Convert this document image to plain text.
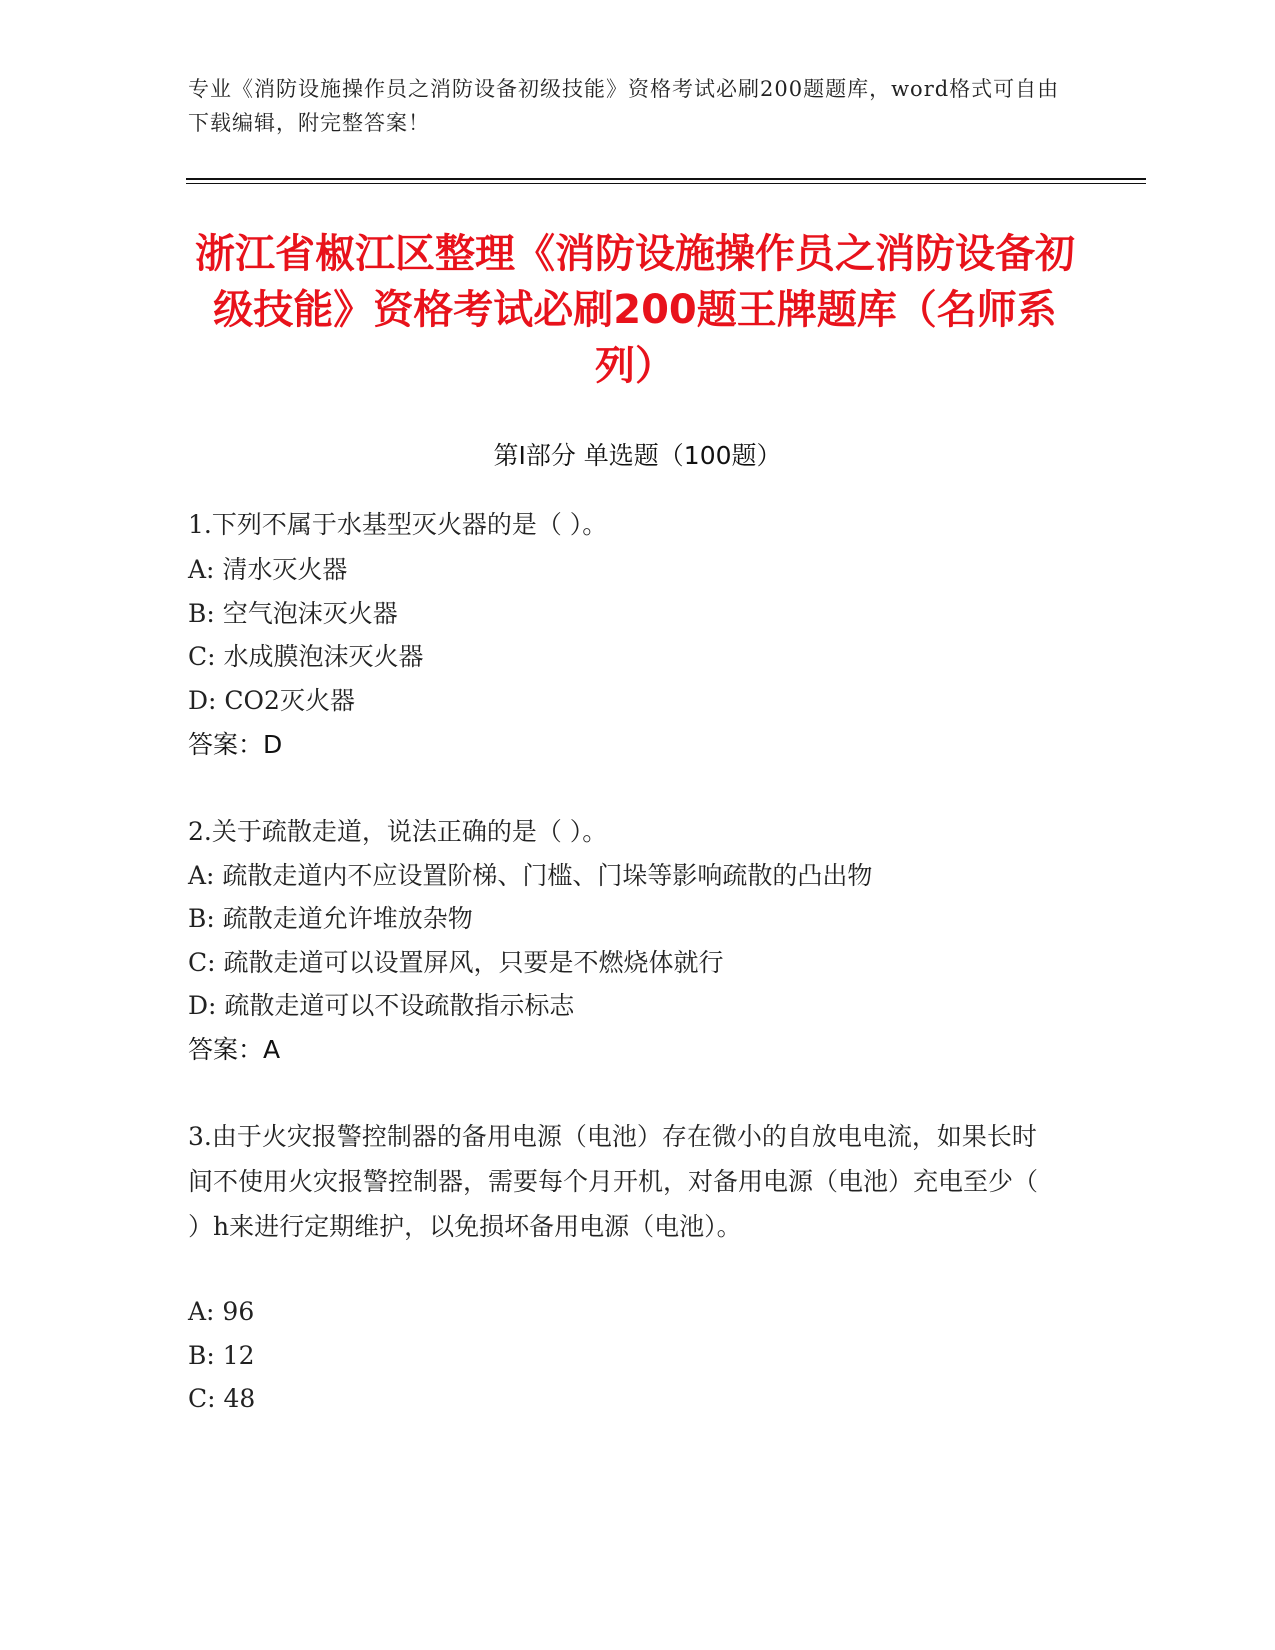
专业《消防设施操作员之消防设备初级技能》资格考试必刷200题题库，word格式可自由下载编辑，附完整答案！
浙江省椒江区整理《消防设施操作员之消防设备初级技能》资格考试必刷200题王牌题库（名师系列）
第I部分 单选题（100题）
1.下列不属于水基型灭火器的是（ ）。
A: 清水灭火器
B: 空气泡沫灭火器
C: 水成膜泡沫灭火器
D: CO2灭火器
答案：D
2.关于疏散走道，说法正确的是（ ）。
A: 疏散走道内不应设置阶梯、门槛、门垛等影响疏散的凸出物
B: 疏散走道允许堆放杂物
C: 疏散走道可以设置屏风，只要是不燃烧体就行
D: 疏散走道可以不设疏散指示标志
答案：A
3.由于火灾报警控制器的备用电源（电池）存在微小的自放电电流，如果长时间不使用火灾报警控制器，需要每个月开机，对备用电源（电池）充电至少（ ）h来进行定期维护，以免损坏备用电源（电池）。
A: 96
B: 12
C: 48
